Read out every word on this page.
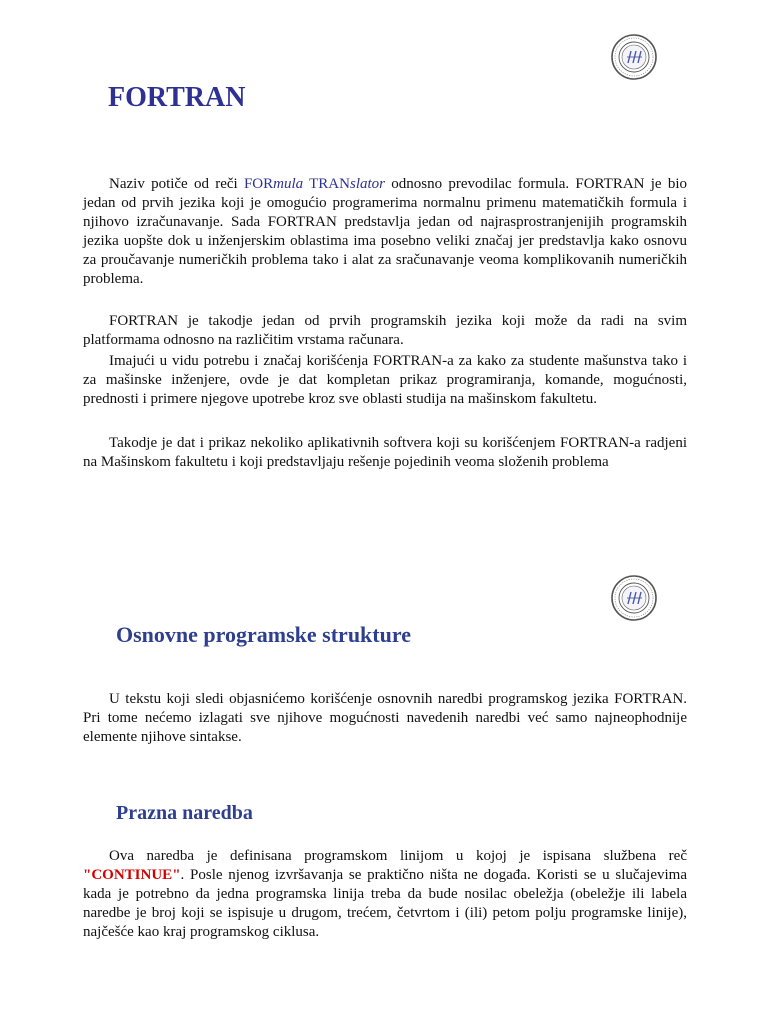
FORTRAN

Naziv potiče od reči FORmula TRANslator odnosno prevodilac formula. FORTRAN je bio jedan od prvih jezika koji je omogućio programerima normalnu primenu matematičkih formula i njihovo izračunavanje. Sada FORTRAN predstavlja jedan od najrasprostranjenijih programskih jezika uopšte dok u inženjerskim oblastima ima posebno veliki značaj jer predstavlja kako osnovu za proučavanje numeričkih problema tako i alat za sračunavanje veoma komplikovanih numeričkih problema.

FORTRAN je takodje jedan od prvih programskih jezika koji može da radi na svim platformama odnosno na različitim vrstama računara.

Imajući u vidu potrebu i značaj korišćenja FORTRAN-a za kako za studente mašunstva tako i za mašinske inženjere, ovde je dat kompletan prikaz programiranja, komande, mogućnosti, prednosti i primere njegove upotrebe kroz sve oblasti studija na mašinskom fakultetu.

Takodje je dat i prikaz nekoliko aplikativnih softvera koji su korišćenjem FORTRAN-a radjeni na Mašinskom fakultetu i koji predstavljaju rešenje pojedinih veoma složenih problema

Osnovne programske strukture

U tekstu koji sledi objasnićemo korišćenje osnovnih naredbi programskog jezika FORTRAN. Pri tome nećemo izlagati sve njihove mogućnosti navedenih naredbi već samo najneophodnije elemente njihove sintakse.

Prazna naredba

Ova naredba je definisana programskom linijom u kojoj je ispisana službena reč "CONTINUE". Posle njenog izvršavanja se praktično ništa ne događa. Koristi se u slučajevima kada je potrebno da jedna programska linija treba da bude nosilac obeležja (obeležje ili labela naredbe je broj koji se ispisuje u drugom, trećem, četvrtom i (ili) petom polju programske linije), najčešće kao kraj programskog ciklusa.
